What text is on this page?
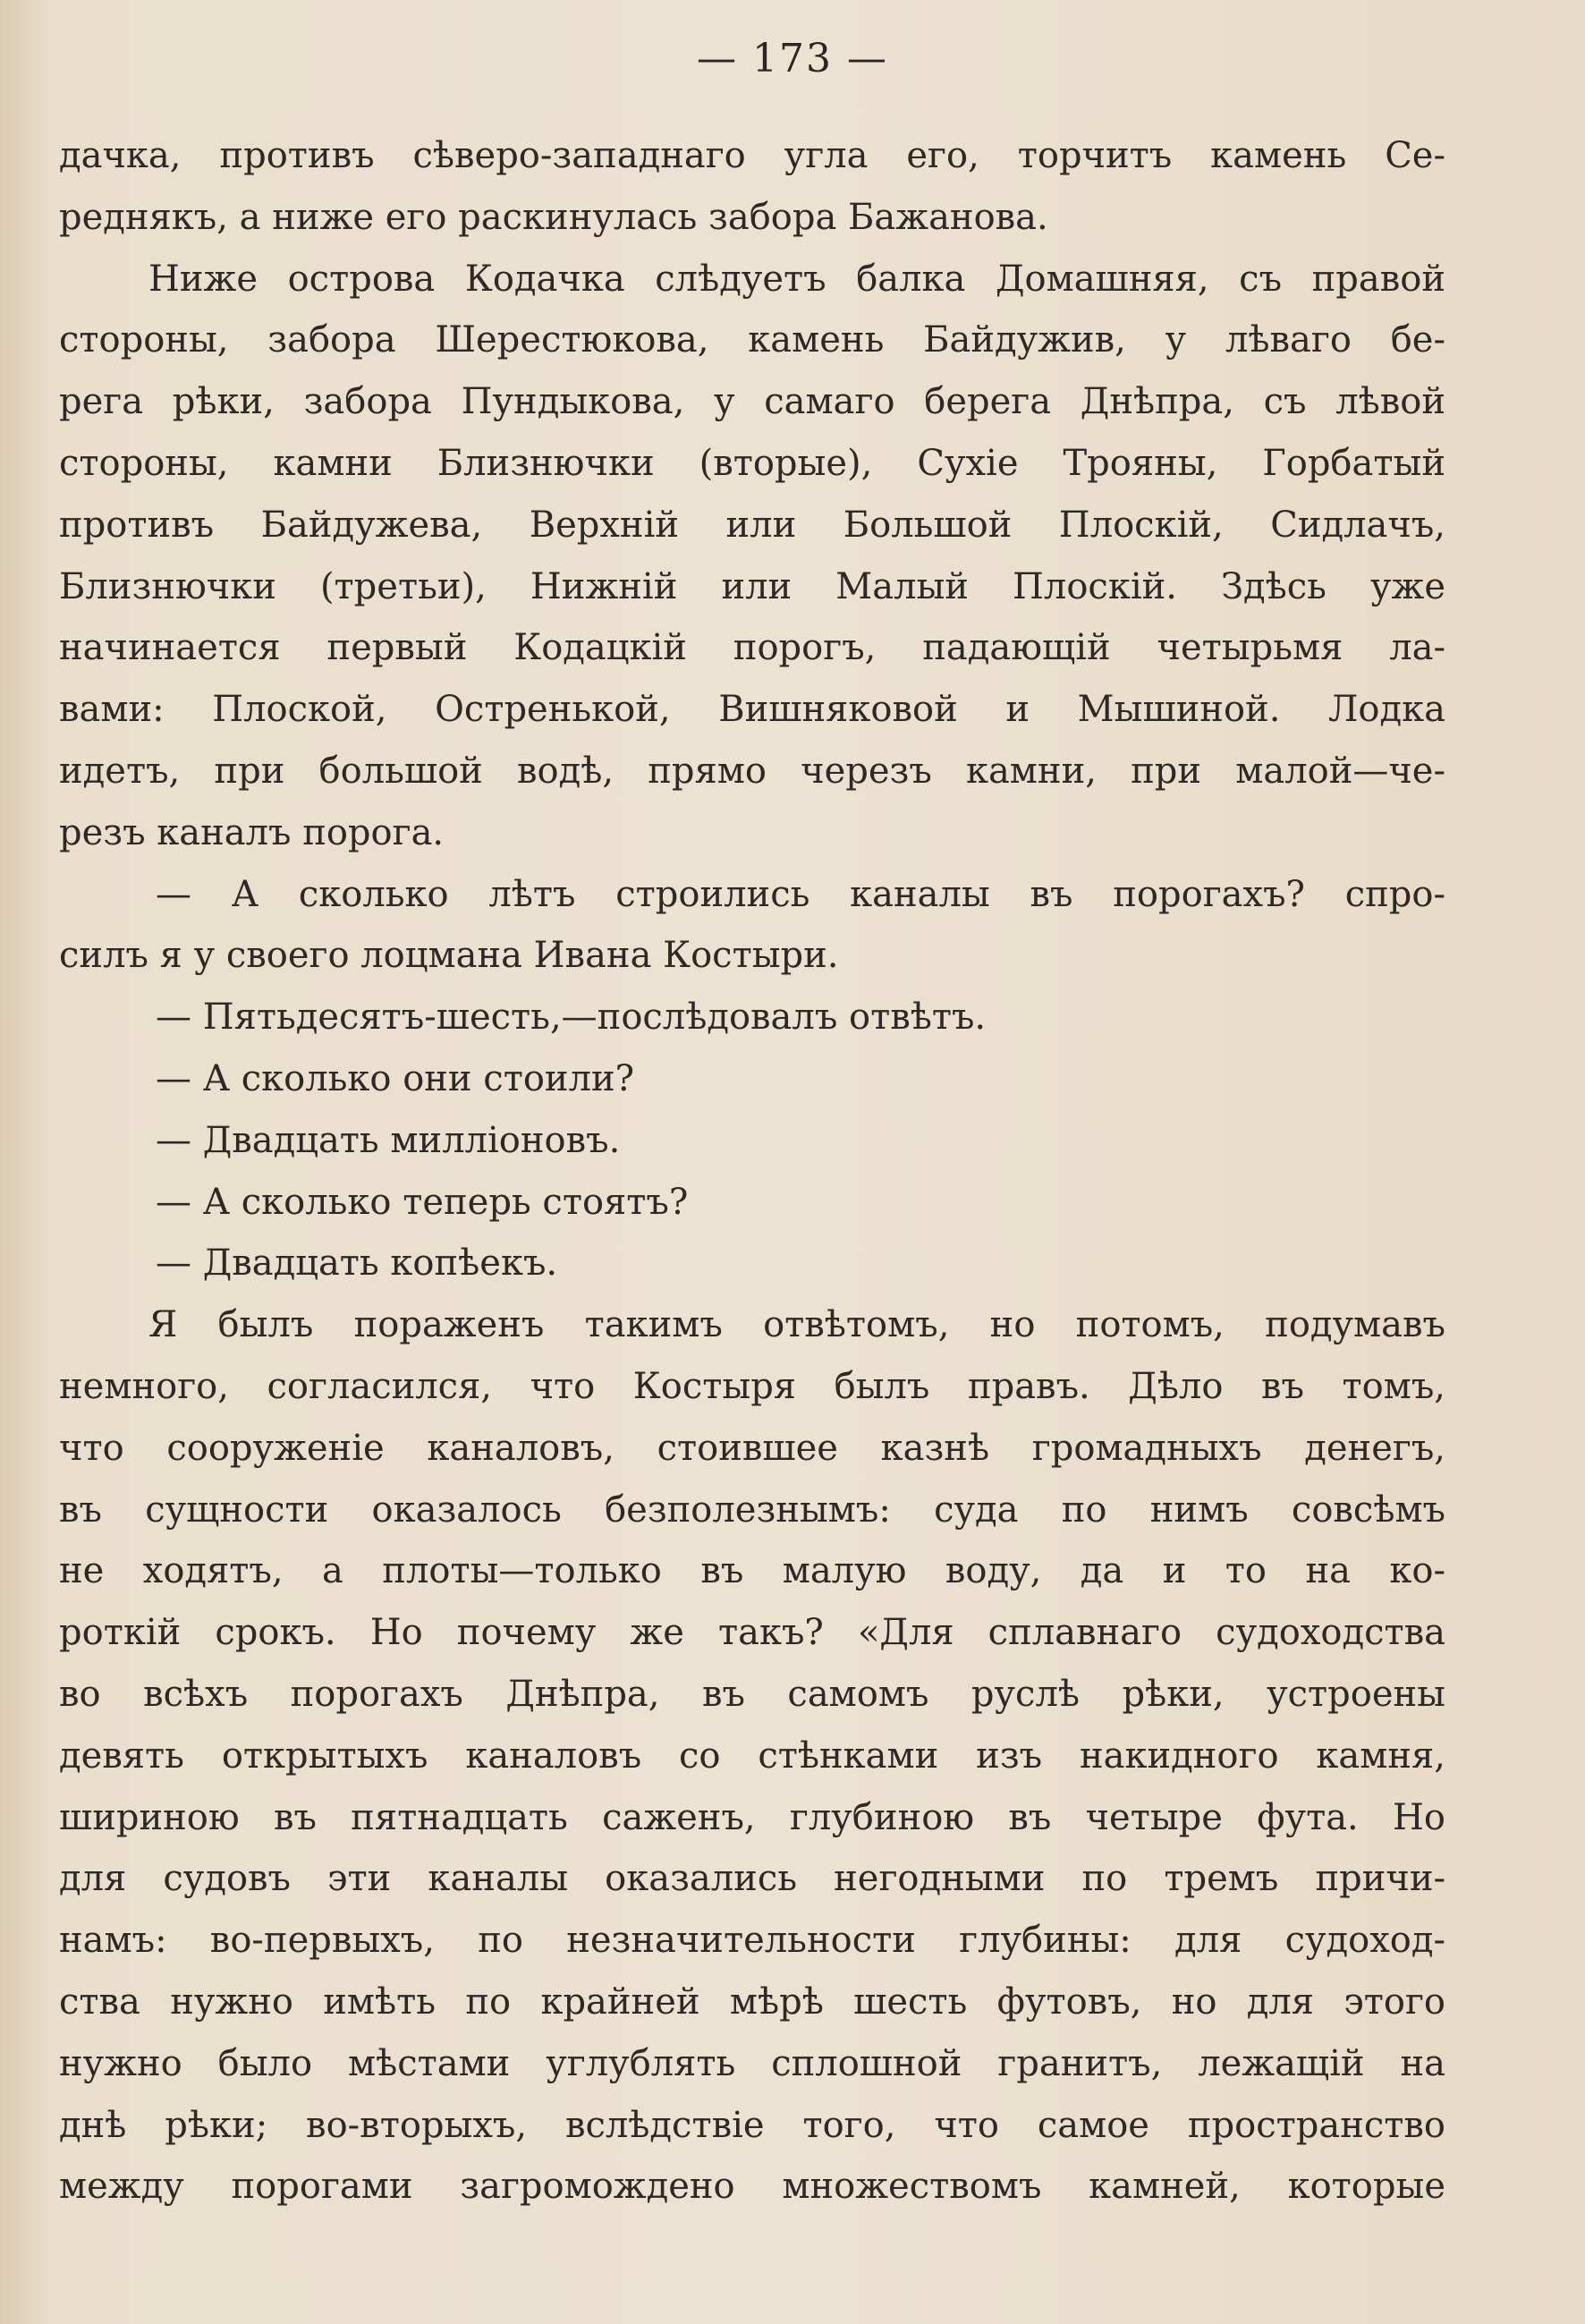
— 173 —
дачка, противъ сѣверо-западнаго угла его, торчитъ камень Се-
реднякъ, а ниже его раскинулась забора Бажанова.
Ниже острова Кодачка слѣдуетъ балка Домашняя, съ правой
стороны, забора Шерестюкова, камень Байдужив, у лѣваго бе-
рега рѣки, забора Пундыкова, у самаго берега Днѣпра, съ лѣвой
стороны, камни Близнючки (вторые), Сухіе Трояны, Горбатый
противъ Байдужева, Верхній или Большой Плоскій, Сидлачъ,
Близнючки (третьи), Нижній или Малый Плоскій. Здѣсь уже
начинается первый Кодацкій порогъ, падающій четырьмя ла-
вами: Плоской, Остренькой, Вишняковой и Мышиной. Лодка
идетъ, при большой водѣ, прямо черезъ камни, при малой—че-
резъ каналъ порога.
— А сколько лѣтъ строились каналы въ порогахъ? спро-
силъ я у своего лоцмана Ивана Костыри.
— Пятьдесятъ-шесть,—послѣдовалъ отвѣтъ.
— А сколько они стоили?
— Двадцать милліоновъ.
— А сколько теперь стоятъ?
— Двадцать копѣекъ.
Я былъ пораженъ такимъ отвѣтомъ, но потомъ, подумавъ
немного, согласился, что Костыря былъ правъ. Дѣло въ томъ,
что сооруженіе каналовъ, стоившее казнѣ громадныхъ денегъ,
въ сущности оказалось безполезнымъ: суда по нимъ совсѣмъ
не ходятъ, а плоты—только въ малую воду, да и то на ко-
роткій срокъ. Но почему же такъ? «Для сплавнаго судоходства
во всѣхъ порогахъ Днѣпра, въ самомъ руслѣ рѣки, устроены
девять открытыхъ каналовъ со стѣнками изъ накидного камня,
шириною въ пятнадцать саженъ, глубиною въ четыре фута. Но
для судовъ эти каналы оказались негодными по тремъ причи-
намъ: во-первыхъ, по незначительности глубины: для судоход-
ства нужно имѣть по крайней мѣрѣ шесть футовъ, но для этого
нужно было мѣстами углублять сплошной гранитъ, лежащій на
днѣ рѣки; во-вторыхъ, вслѣдствіе того, что самое пространство
между порогами загромождено множествомъ камней, которые
